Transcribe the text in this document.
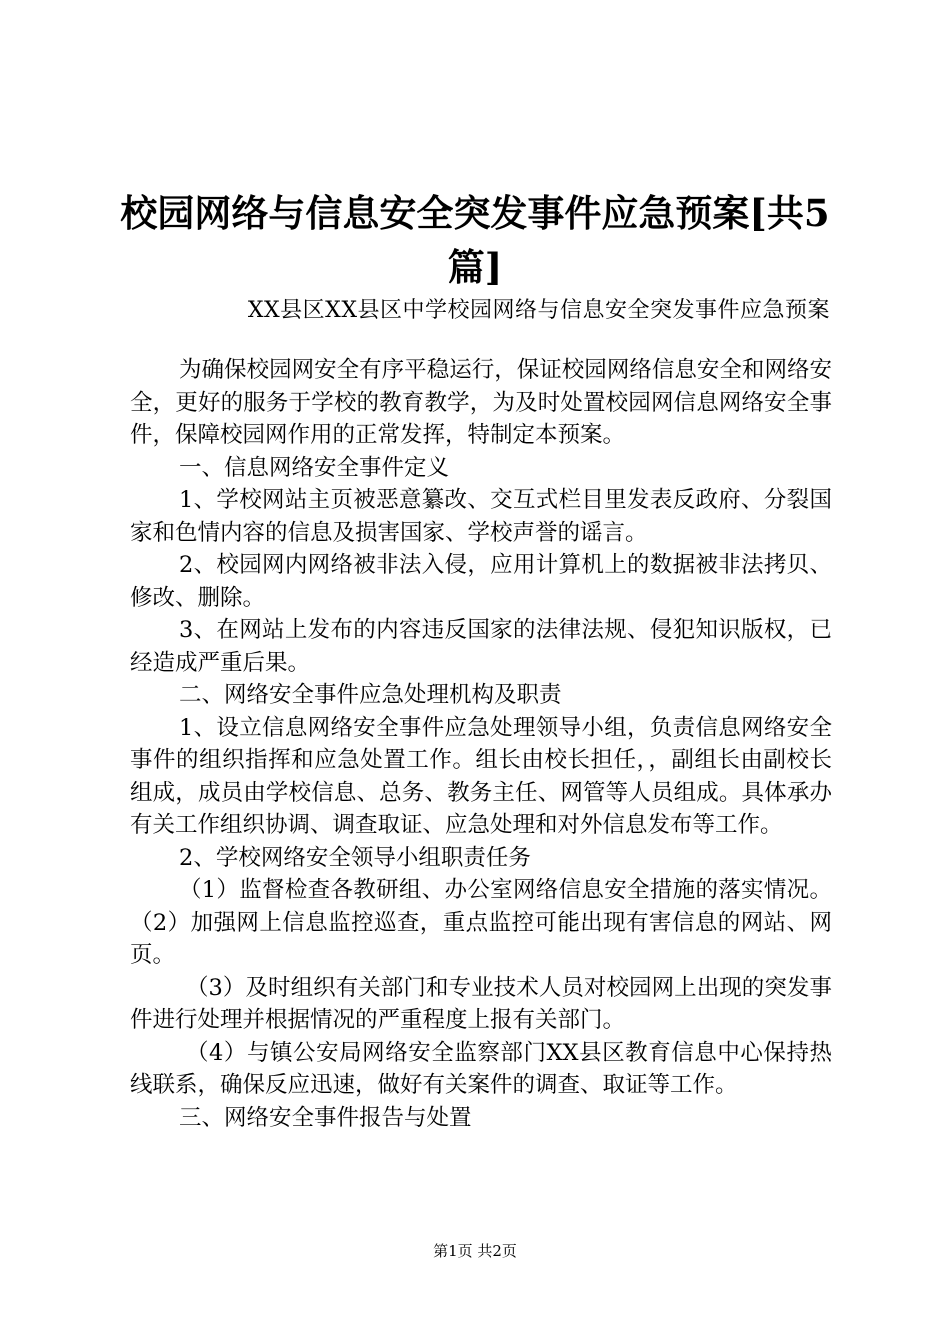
校园网络与信息安全突发事件应急预案[共5篇]

XX县区XX县区中学校园网络与信息安全突发事件应急预案

为确保校园网安全有序平稳运行，保证校园网络信息安全和网络安全，更好的服务于学校的教育教学，为及时处置校园网信息网络安全事件，保障校园网作用的正常发挥，特制定本预案。

一、信息网络安全事件定义

1、学校网站主页被恶意纂改、交互式栏目里发表反政府、分裂国家和色情内容的信息及损害国家、学校声誉的谣言。

2、校园网内网络被非法入侵，应用计算机上的数据被非法拷贝、修改、删除。

3、在网站上发布的内容违反国家的法律法规、侵犯知识版权，已经造成严重后果。

二、网络安全事件应急处理机构及职责

1、设立信息网络安全事件应急处理领导小组，负责信息网络安全事件的组织指挥和应急处置工作。组长由校长担任，，副组长由副校长组成，成员由学校信息、总务、教务主任、网管等人员组成。具体承办有关工作组织协调、调查取证、应急处理和对外信息发布等工作。

2、学校网络安全领导小组职责任务

（1）监督检查各教研组、办公室网络信息安全措施的落实情况。（2）加强网上信息监控巡查，重点监控可能出现有害信息的网站、网页。

（3）及时组织有关部门和专业技术人员对校园网上出现的突发事件进行处理并根据情况的严重程度上报有关部门。

（4）与镇公安局网络安全监察部门XX县区教育信息中心保持热线联系，确保反应迅速，做好有关案件的调查、取证等工作。

三、网络安全事件报告与处置

第1页 共2页
